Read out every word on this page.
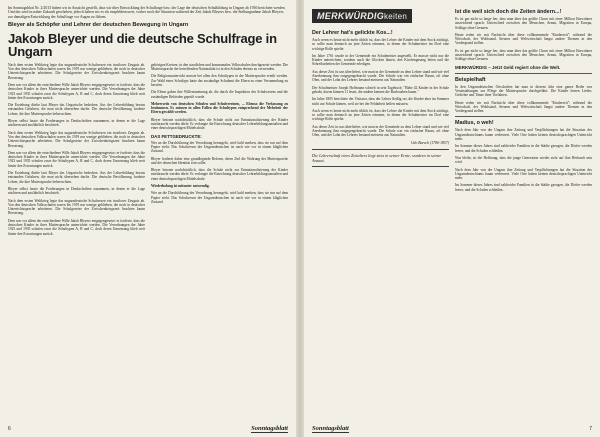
Im Sonntagsblatt Nr. 2/2013 haben wir in Aussicht gestellt, dass wir über Entwicklung der Schulfrage bzw. der Lage der deutschen Schulbildung in Ungarn ab 1936 berichten werden. Und das wird in naher Zukunft geschehen, jedoch haben wir es als empfehlenswert, vorher noch die Situation während der Zeit Jakob Bleyers bzw. die Stellungnahme Jakob Bleyers zur damaligen Entwicklung der Schulfrage vor Augen zu führen.

Bleyer als Schöpfer und Lehrer der deutschen Bewegung in Ungarn
Jakob Bleyer und die deutsche Schulfrage in Ungarn

Nach dem ersten Weltkrieg legte das ungarndeutsche Schulwesen ein trostloses Zeugnis ab. Von den deutschen Volksschulen waren bis 1919 nur wenige geblieben, die noch in deutscher Unterrichtssprache arbeiteten. Die Schulgesetze der Zwischenkriegszeit brachten kaum Besserung.

Dem war vor allem der entschiedene Wille Jakob Bleyers entgegengesetzt: er forderte, dass die deutschen Kinder in ihrer Muttersprache unterrichtet werden. Die Verordnungen der Jahre 1923 und 1935 schufen zwar die Schultypen A, B und C, doch deren Umsetzung blieb weit hinter den Erwartungen zurück.

Die Erziehung dürfte laut Bleyer das Ungarische bedrohen. Aus der Lehrerbildung heraus entstanden Gefahren, die man nicht übersehen durfte. Die deutsche Bevölkerung forderte Lehrer, die ihre Muttersprache beherrschten.

Bleyer selbst fasste die Forderungen in Denkschriften zusammen, in denen er die Lage nüchtern und ausführlich beschrieb.

Nach dem ersten Weltkrieg legte das ungarndeutsche Schulwesen ein trostloses Zeugnis ab. Von den deutschen Volksschulen waren bis 1919 nur wenige geblieben, die noch in deutscher Unterrichtssprache arbeiteten. Die Schulgesetze der Zwischenkriegszeit brachten kaum Besserung.

Dem war vor allem der entschiedene Wille Jakob Bleyers entgegengesetzt: er forderte, dass die deutschen Kinder in ihrer Muttersprache unterrichtet werden. Die Verordnungen der Jahre 1923 und 1935 schufen zwar die Schultypen A, B und C, doch deren Umsetzung blieb weit hinter den Erwartungen zurück.

Die Erziehung dürfte laut Bleyer das Ungarische bedrohen. Aus der Lehrerbildung heraus entstanden Gefahren, die man nicht übersehen durfte. Die deutsche Bevölkerung forderte Lehrer, die ihre Muttersprache beherrschten.

Bleyer selbst fasste die Forderungen in Denkschriften zusammen, in denen er die Lage nüchtern und ausführlich beschrieb.

Nach dem ersten Weltkrieg legte das ungarndeutsche Schulwesen ein trostloses Zeugnis ab. Von den deutschen Volksschulen waren bis 1919 nur wenige geblieben, die noch in deutscher Unterrichtssprache arbeiteten. Die Schulgesetze der Zwischenkriegszeit brachten kaum Besserung.

Dem war vor allem der entschiedene Wille Jakob Bleyers entgegengesetzt: er forderte, dass die deutschen Kinder in ihrer Muttersprache unterrichtet werden. Die Verordnungen der Jahre 1923 und 1935 schufen zwar die Schultypen A, B und C, doch deren Umsetzung blieb weit hinter den Erwartungen zurück.

gehörigen Kreisen, in den staatlichen und kommunalen Volksschulen durchgesetzt werden. Die Mutterssprache der betreffenden Nationalität ist in den Schulen ebenso zu verwenden.

Die Religionsunterricht musste bei allen den Schultypen in der Muttersprache erteilt werden. Zur Wahl eines Schultyps hatte das zuständige Schulamt die Eltern zu einer Versammlung zu berufen.

Die Eltern gaben ihre Willensmeinung ab, die durch die Inspektion des Schulwesens und die zuständigen Behörden geprüft wurde.

Mehrerseits von deutschen Schulen und Schulvereinen, ... Ebenso die Verfassung zu bestimmen. Es müssen in allen Fällen die Schultypen entsprechend der Mehrheit der Eltern gewählt werden.

Bleyer betonte nachdrücklich, dass die Schule nicht zur Entnationalisierung der Kinder missbraucht werden dürfe. Er verlangte die Einrichtung deutscher Lehrerbildungsanstalten und einer deutschsprachigen Mittelschule.

DAS FETTGEDRUCKTE:

Wer an die Durchführung der Verordnung herangeht, wird bald merken, dass sie nur auf dem Papier steht. Das Schulwesen der Ungarndeutschen ist nach wie vor in einem kläglichen Zustand.

Bleyer forderte daher eine grundlegende Reform, deren Ziel die Wahrung der Muttersprache und der deutschen Identität sein sollte.

Bleyer betonte nachdrücklich, dass die Schule nicht zur Entnationalisierung der Kinder missbraucht werden dürfe. Er verlangte die Einrichtung deutscher Lehrerbildungsanstalten und einer deutschsprachigen Mittelschule.

Wiederholung ist mitunter notwendig.

Wer an die Durchführung der Verordnung herangeht, wird bald merken, dass sie nur auf dem Papier steht. Das Schulwesen der Ungarndeutschen ist nach wie vor in einem kläglichen Zustand.

6	Sonntagsblatt
MERKWÜRDIGkeiten
Der Lehrer hat's gelickte Kos...!

Auch wenn es heute nicht mehr üblich ist, dass der Lehrer die Kinder mit dem Stock züchtigt, so sollte man dennoch an jene Zeiten erinnern, in denen der Schulmeister im Dorf eine wichtige Rolle spielte.

Im Jahre 1761 wurde in der Gemeinde ein Schulmeister angestellt. Er musste nicht nur die Kinder unterrichten, sondern auch die Glocken läuten, den Kirchengesang leiten und die Schreibarbeiten der Gemeinde erledigen.

Aus dieser Zeit ist uns überliefert, wie man in der Gemeinde zu dem Lehrer stand und wie viel Anerkennung ihm entgegengebracht wurde. Die Schule war ein einfacher Raum, oft ohne Ofen, und der Lohn des Lehrers bestand meistens aus Naturalien.

Der Schulmeister Joseph Hoffmann schrieb in sein Tagebuch: "Habe 42 Kinder in der Schule gehabt, davon können 11 lesen, die andern kennen die Buchstaben kaum."

Im Jahre 1805 berichtete der Visitator, dass der Lehrer fleißig sei, die Kinder aber im Sommer nicht zur Schule kämen, weil sie bei der Feldarbeit helfen müssten.

Auch wenn es heute nicht mehr üblich ist, dass der Lehrer die Kinder mit dem Stock züchtigt, so sollte man dennoch an jene Zeiten erinnern, in denen der Schulmeister im Dorf eine wichtige Rolle spielte.

Aus dieser Zeit ist uns überliefert, wie man in der Gemeinde zu dem Lehrer stand und wie viel Anerkennung ihm entgegengebracht wurde. Die Schule war ein einfacher Raum, oft ohne Ofen, und der Lohn des Lehrers bestand meistens aus Naturalien.

Udo Barsch (1786-1857)
Die Lehrerschaft eines Zeitalters liegt stets in seiner Ernte, sondern in seiner Ansaat.
Ist die weil sich doch die Zeiten ändern...!

Es ist gar nicht so lange her, dass man über das größte Chaos mit einer Million Einwohner ausreichend sprach: Unterschied zwischen den Menschen, Armut, Migration in Europa, Schlüge ohne Grenzen.

Heute reden wir mit Nachsicht über diese vollkommende "Kinderzeit": während die Wirtschaft, der Wohlstand, Steuern und Weltwirtschaft längst andere Themen in den Vordergrund stellen.

Es ist gar nicht so lange her, dass man über das größte Chaos mit einer Million Einwohner ausreichend sprach: Unterschied zwischen den Menschen, Armut, Migration in Europa, Schlüge ohne Grenzen.

MERKWÜRDIG – Jetzt Geld regiert ohne die Welt.
Beispielhaft

In den Ungarndeutschen Ortschaften hat man in diesem Jahr eine ganze Reihe von Veranstaltungen zur Pflege der Muttersprache durchgeführt. Die Kinder lernen Lieder, Gedichte und Tänze ihrer Vorfahren.

Heute reden wir mit Nachsicht über diese vollkommende "Kinderzeit": während die Wirtschaft, der Wohlstand, Steuern und Weltwirtschaft längst andere Themen in den Vordergrund stellen.

Madius, o weh!

Nach dem Jahr von der Ungarn ihre Zeitung und Verpflichtungen hat die Situation des Ungarndeutschtums kaum verbessert. Viele Orte haben keinen deutschsprachigen Unterricht mehr.

Im Sommer dieses Jahres sind zahlreiche Familien in die Städte gezogen, die Dörfer werden leerer, und die Schulen schließen.

Was bleibt, ist die Hoffnung, dass die junge Generation wieder stolz auf ihre Herkunft sein wird.

Nach dem Jahr von der Ungarn ihre Zeitung und Verpflichtungen hat die Situation des Ungarndeutschtums kaum verbessert. Viele Orte haben keinen deutschsprachigen Unterricht mehr.

Im Sommer dieses Jahres sind zahlreiche Familien in die Städte gezogen, die Dörfer werden leerer, und die Schulen schließen.

Sonntagsblatt	7
